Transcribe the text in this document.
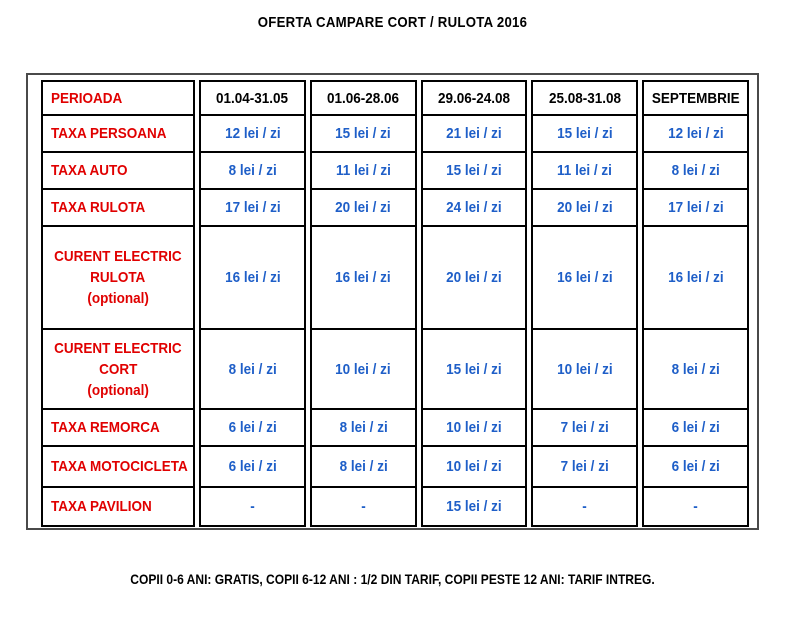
OFERTA CAMPARE CORT / RULOTA 2016
PERIOADA	01.04-31.05	01.06-28.06	29.06-24.08	25.08-31.08	SEPTEMBRIE
TAXA PERSOANA	12 lei / zi	15 lei / zi	21 lei / zi	15 lei / zi	12 lei / zi
TAXA AUTO	8 lei / zi	11 lei / zi	15 lei / zi	11 lei / zi	8 lei / zi
TAXA RULOTA	17 lei / zi	20 lei / zi	24 lei / zi	20 lei / zi	17 lei / zi
CURENT ELECTRIC
RULOTA
(optional)	16 lei / zi	16 lei / zi	20 lei / zi	16 lei / zi	16 lei / zi
CURENT ELECTRIC
CORT
(optional)	8 lei / zi	10 lei / zi	15 lei / zi	10 lei / zi	8 lei / zi
TAXA REMORCA	6 lei / zi	8 lei / zi	10 lei / zi	7 lei / zi	6 lei / zi
TAXA MOTOCICLETA	6 lei / zi	8 lei / zi	10 lei / zi	7 lei / zi	6 lei / zi
TAXA PAVILION	-	-	15 lei / zi	-	-
COPII 0-6 ANI: GRATIS, COPII 6-12 ANI : 1/2 DIN TARIF, COPII PESTE 12 ANI: TARIF INTREG.
